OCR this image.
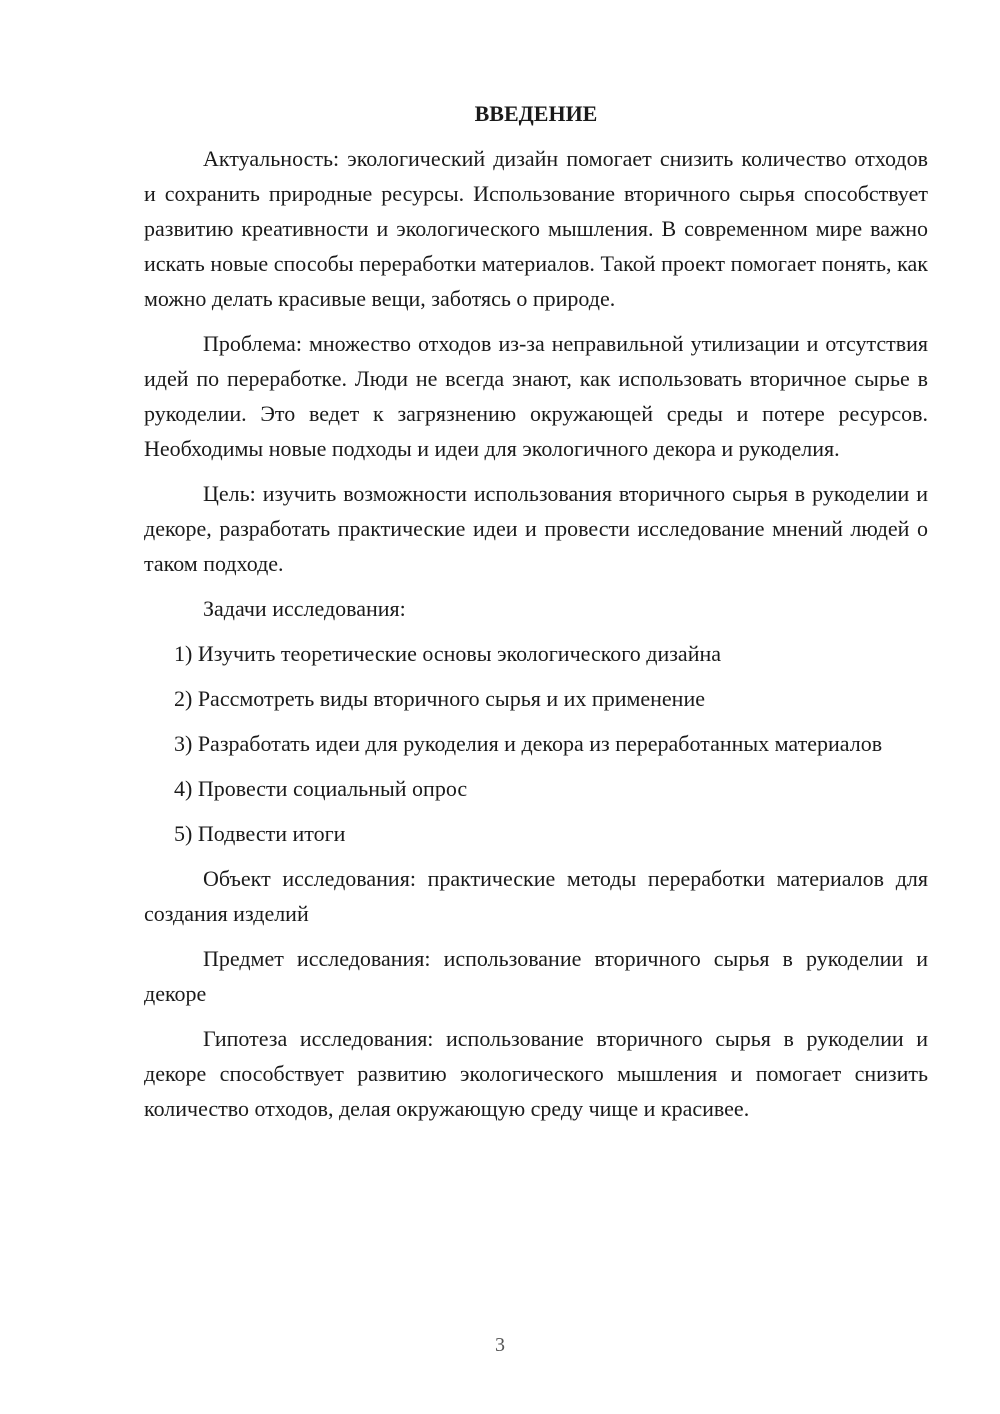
ВВЕДЕНИЕ

Актуальность: экологический дизайн помогает снизить количество отходов и сохранить природные ресурсы. Использование вторичного сырья способствует развитию креативности и экологического мышления. В современном мире важно искать новые способы переработки материалов. Такой проект помогает понять, как можно делать красивые вещи, заботясь о природе.

Проблема: множество отходов из-за неправильной утилизации и отсутствия идей по переработке. Люди не всегда знают, как использовать вторичное сырье в рукоделии. Это ведет к загрязнению окружающей среды и потере ресурсов. Необходимы новые подходы и идеи для экологичного декора и рукоделия.

Цель: изучить возможности использования вторичного сырья в рукоделии и декоре, разработать практические идеи и провести исследование мнений людей о таком подходе.

Задачи исследования:

1) Изучить теоретические основы экологического дизайна

2) Рассмотреть виды вторичного сырья и их применение

3) Разработать идеи для рукоделия и декора из переработанных материалов

4) Провести социальный опрос

5) Подвести итоги

Объект исследования: практические методы переработки материалов для создания изделий

Предмет исследования: использование вторичного сырья в рукоделии и декоре

Гипотеза исследования: использование вторичного сырья в рукоделии и декоре способствует развитию экологического мышления и помогает снизить количество отходов, делая окружающую среду чище и красивее.

3
